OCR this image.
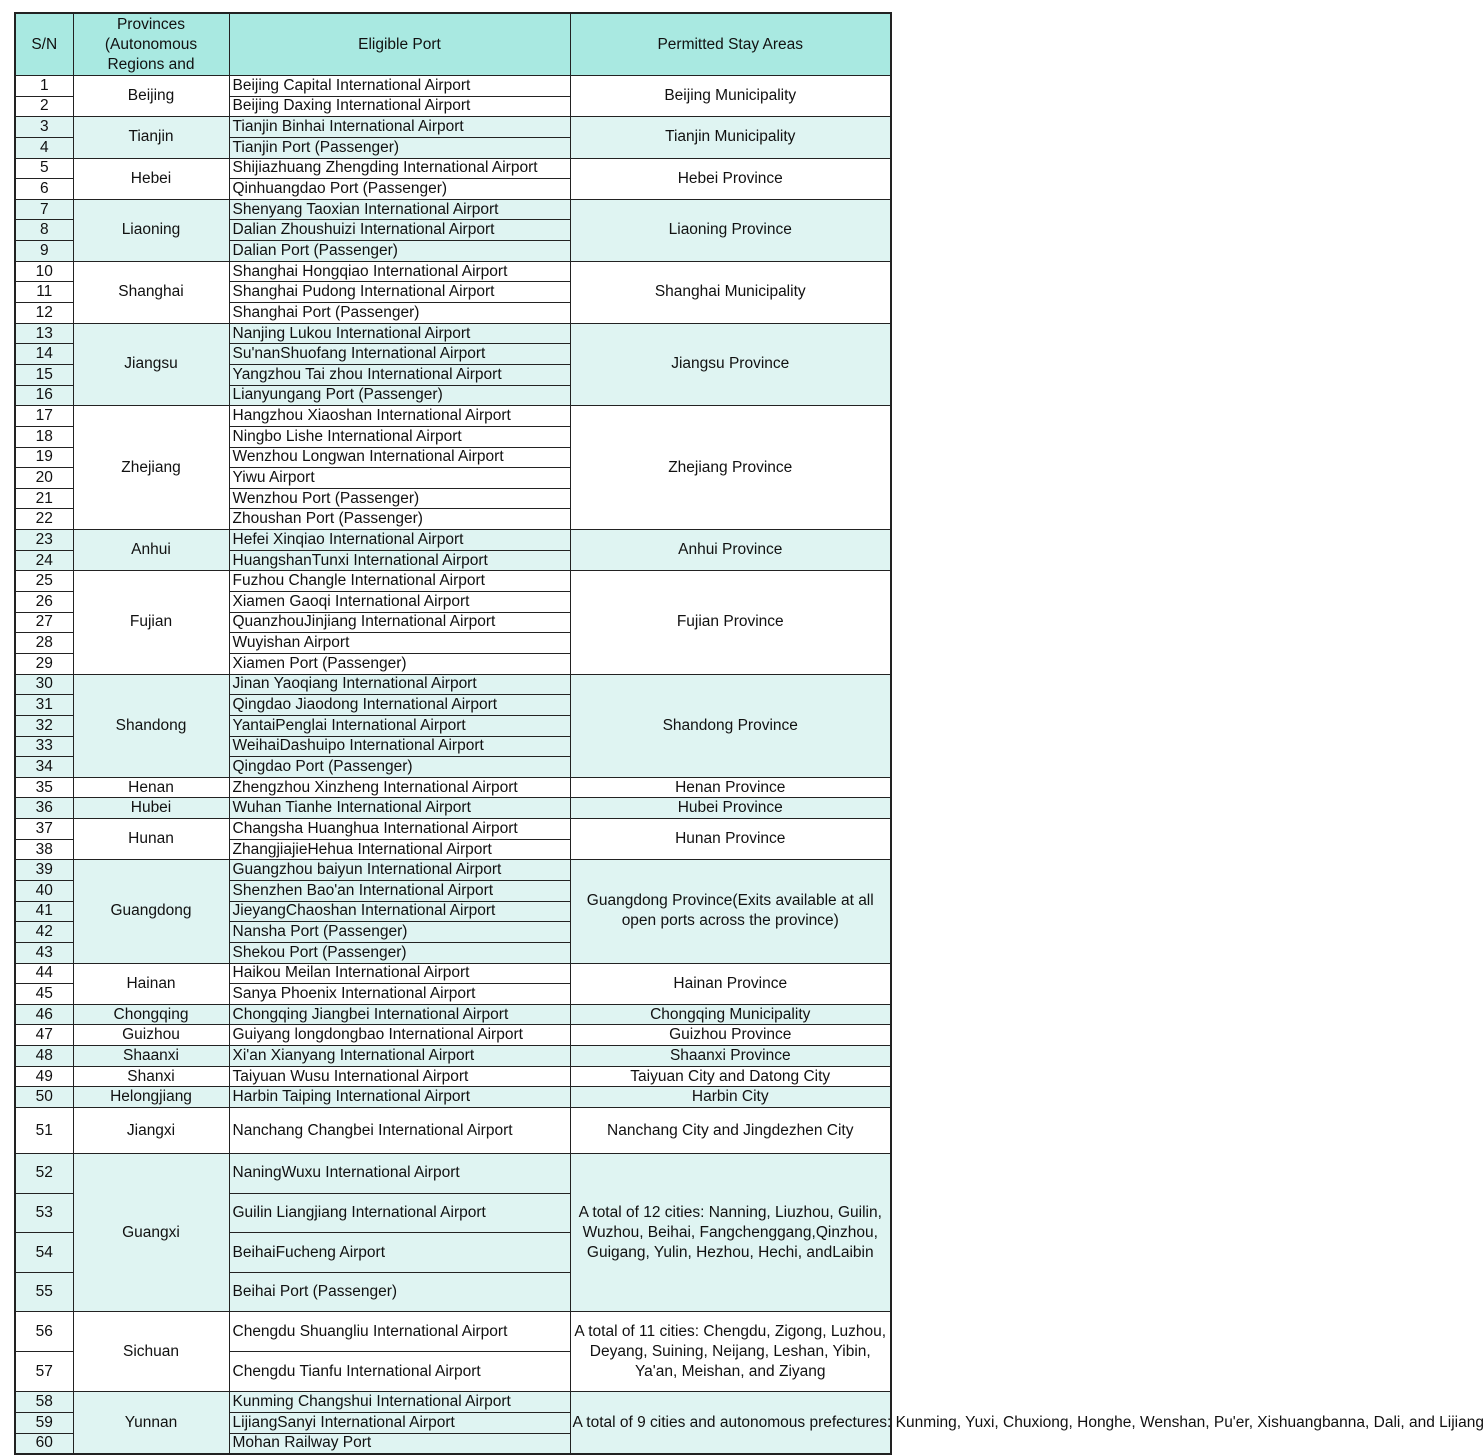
S/N	Provinces (Autonomous Regions and	Eligible Port	Permitted Stay Areas
1	Beijing	Beijing Capital International Airport	Beijing Municipality
2		Beijing Daxing International Airport	
3	Tianjin	Tianjin Binhai International Airport	Tianjin Municipality
4		Tianjin Port (Passenger)	
5	Hebei	Shijiazhuang Zhengding International Airport	Hebei Province
6		Qinhuangdao Port (Passenger)	
7	Liaoning	Shenyang Taoxian International Airport	Liaoning Province
8		Dalian Zhoushuizi International Airport	
9		Dalian Port (Passenger)	
10	Shanghai	Shanghai Hongqiao International Airport	Shanghai Municipality
11		Shanghai Pudong International Airport	
12		Shanghai Port (Passenger)	
13	Jiangsu	Nanjing Lukou International Airport	Jiangsu Province
14		Su'nanShuofang International Airport	
15		Yangzhou Tai zhou International Airport	
16		Lianyungang Port (Passenger)	
17	Zhejiang	Hangzhou Xiaoshan International Airport	Zhejiang Province
18		Ningbo Lishe International Airport	
19		Wenzhou Longwan International Airport	
20		Yiwu Airport	
21		Wenzhou Port (Passenger)	
22		Zhoushan Port (Passenger)	
23	Anhui	Hefei Xinqiao International Airport	Anhui Province
24		HuangshanTunxi International Airport	
25	Fujian	Fuzhou Changle International Airport	Fujian Province
26		Xiamen Gaoqi International Airport	
27		QuanzhouJinjiang International Airport	
28		Wuyishan Airport	
29		Xiamen Port (Passenger)	
30	Shandong	Jinan Yaoqiang International Airport	Shandong Province
31		Qingdao Jiaodong International Airport	
32		YantaiPenglai International Airport	
33		WeihaiDashuipo International Airport	
34		Qingdao Port (Passenger)	
35	Henan	Zhengzhou Xinzheng International Airport	Henan Province
36	Hubei	Wuhan Tianhe International Airport	Hubei Province
37	Hunan	Changsha Huanghua International Airport	Hunan Province
38		ZhangjiajieHehua International Airport	
39	Guangdong	Guangzhou baiyun International Airport	Guangdong Province(Exits available at all open ports across the province)
40		Shenzhen Bao'an International Airport	
41		JieyangChaoshan International Airport	
42		Nansha Port (Passenger)	
43		Shekou Port (Passenger)	
44	Hainan	Haikou Meilan International Airport	Hainan Province
45		Sanya Phoenix International Airport	
46	Chongqing	Chongqing Jiangbei International Airport	Chongqing Municipality
47	Guizhou	Guiyang longdongbao International Airport	Guizhou Province
48	Shaanxi	Xi'an Xianyang International Airport	Shaanxi Province
49	Shanxi	Taiyuan Wusu International Airport	Taiyuan City and Datong City
50	Helongjiang	Harbin Taiping International Airport	Harbin City
51	Jiangxi	Nanchang Changbei International Airport	Nanchang City and Jingdezhen City
52	Guangxi	NaningWuxu International Airport	A total of 12 cities: Nanning, Liuzhou, Guilin, Wuzhou, Beihai, Fangchenggang,Qinzhou, Guigang, Yulin, Hezhou, Hechi, andLaibin
53		Guilin Liangjiang International Airport	
54		BeihaiFucheng Airport	
55		Beihai Port (Passenger)	
56	Sichuan	Chengdu Shuangliu International Airport	A total of 11 cities: Chengdu, Zigong, Luzhou, Deyang, Suining, Neijang, Leshan, Yibin, Ya'an, Meishan, and Ziyang
57		Chengdu Tianfu International Airport	
58	Yunnan	Kunming Changshui International Airport	A total of 9 cities and autonomous prefectures: Kunming, Yuxi, Chuxiong, Honghe, Wenshan, Pu'er, Xishuangbanna, Dali, and Lijiang
59		LijiangSanyi International Airport	
60		Mohan Railway Port	
